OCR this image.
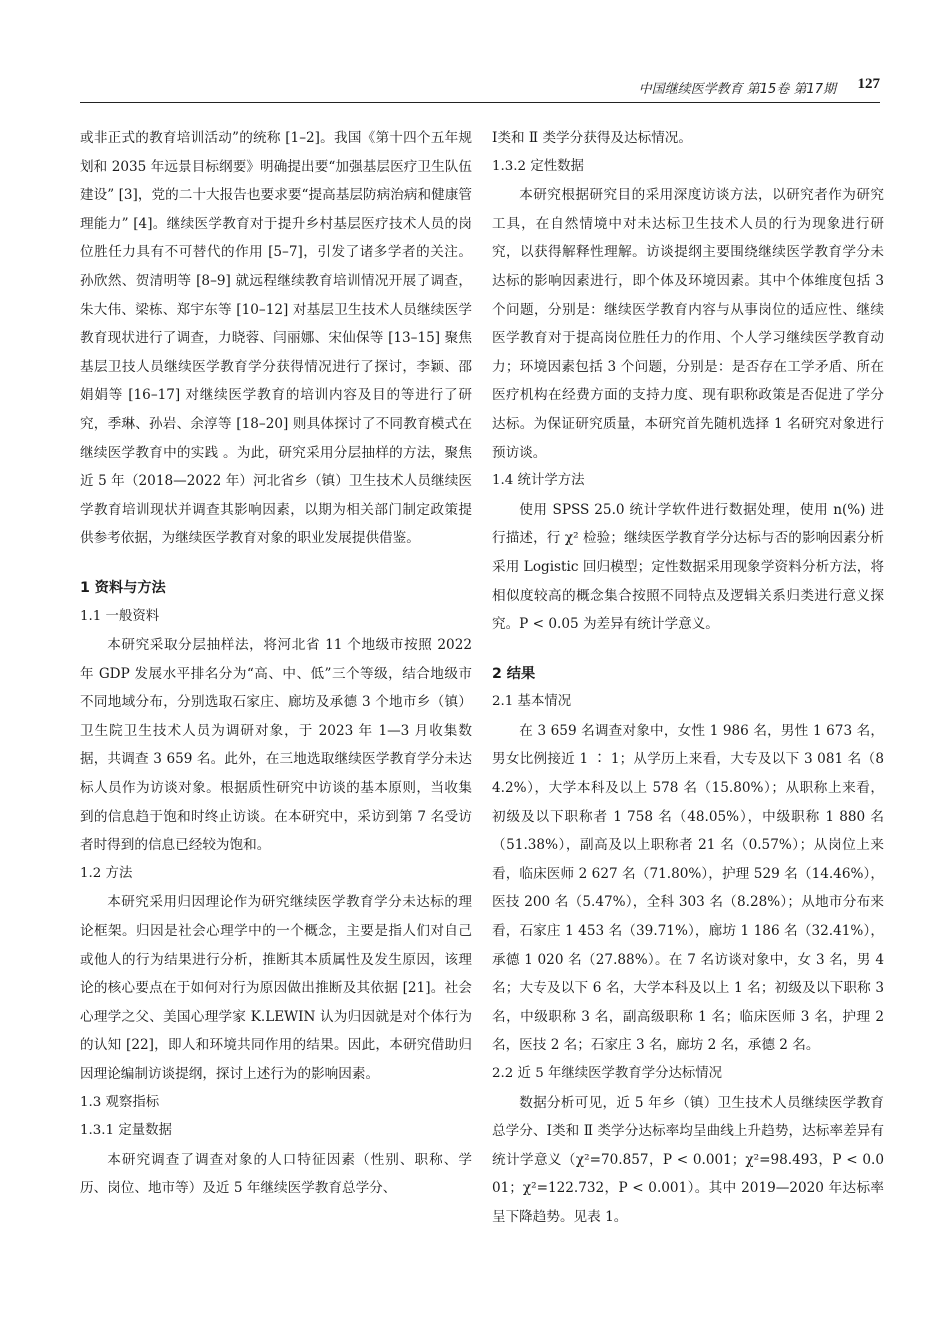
中国继续医学教育 第15卷 第17期 127

或非正式的教育培训活动”的统称 [1–2]。我国《第十四个五年规划和 2035 年远景目标纲要》明确提出要“加强基层医疗卫生队伍建设” [3]，党的二十大报告也要求要“提高基层防病治病和健康管理能力” [4]。继续医学教育对于提升乡村基层医疗技术人员的岗位胜任力具有不可替代的作用 [5–7]，引发了诸多学者的关注。孙欣然、贺清明等 [8–9] 就远程继续教育培训情况开展了调查，朱大伟、梁栋、郑宇东等 [10–12] 对基层卫生技术人员继续医学教育现状进行了调查，力晓蓉、闫丽娜、宋仙保等 [13–15] 聚焦基层卫技人员继续医学教育学分获得情况进行了探讨，李颖、邵娟娟等 [16–17] 对继续医学教育的培训内容及目的等进行了研究，季琳、孙岩、余淳等 [18–20] 则具体探讨了不同教育模式在继续医学教育中的实践 。为此，研究采用分层抽样的方法，聚焦近 5 年（2018—2022 年）河北省乡（镇）卫生技术人员继续医学教育培训现状并调查其影响因素，以期为相关部门制定政策提供参考依据，为继续医学教育对象的职业发展提供借鉴。

1 资料与方法
1.1 一般资料

本研究采取分层抽样法，将河北省 11 个地级市按照 2022 年 GDP 发展水平排名分为“高、中、低”三个等级，结合地级市不同地域分布，分别选取石家庄、廊坊及承德 3 个地市乡（镇）卫生院卫生技术人员为调研对象，于 2023 年 1—3 月收集数据，共调查 3 659 名。此外，在三地选取继续医学教育学分未达标人员作为访谈对象。根据质性研究中访谈的基本原则，当收集到的信息趋于饱和时终止访谈。在本研究中，采访到第 7 名受访者时得到的信息已经较为饱和。

1.2 方法

本研究采用归因理论作为研究继续医学教育学分未达标的理论框架。归因是社会心理学中的一个概念，主要是指人们对自己或他人的行为结果进行分析，推断其本质属性及发生原因，该理论的核心要点在于如何对行为原因做出推断及其依据 [21]。社会心理学之父、美国心理学家 K.LEWIN 认为归因就是对个体行为的认知 [22]，即人和环境共同作用的结果。因此，本研究借助归因理论编制访谈提纲，探讨上述行为的影响因素。

1.3 观察指标
1.3.1 定量数据

本研究调查了调查对象的人口特征因素（性别、职称、学历、岗位、地市等）及近 5 年继续医学教育总学分、

Ⅰ类和 Ⅱ 类学分获得及达标情况。

1.3.2 定性数据

本研究根据研究目的采用深度访谈方法，以研究者作为研究工具，在自然情境中对未达标卫生技术人员的行为现象进行研究，以获得解释性理解。访谈提纲主要围绕继续医学教育学分未达标的影响因素进行，即个体及环境因素。其中个体维度包括 3 个问题，分别是：继续医学教育内容与从事岗位的适应性、继续医学教育对于提高岗位胜任力的作用、个人学习继续医学教育动力；环境因素包括 3 个问题，分别是：是否存在工学矛盾、所在医疗机构在经费方面的支持力度、现有职称政策是否促进了学分达标。为保证研究质量，本研究首先随机选择 1 名研究对象进行预访谈。

1.4 统计学方法

使用 SPSS 25.0 统计学软件进行数据处理，使用 n(%) 进行描述，行 χ² 检验；继续医学教育学分达标与否的影响因素分析采用 Logistic 回归模型；定性数据采用现象学资料分析方法，将相似度较高的概念集合按照不同特点及逻辑关系归类进行意义探究。P < 0.05 为差异有统计学意义。

2 结果
2.1 基本情况

在 3 659 名调查对象中，女性 1 986 名，男性 1 673 名，男女比例接近 1 ∶ 1；从学历上来看，大专及以下 3 081 名（84.2%），大学本科及以上 578 名（15.80%）；从职称上来看，初级及以下职称者 1 758 名（48.05%），中级职称 1 880 名（51.38%），副高及以上职称者 21 名（0.57%）；从岗位上来看，临床医师 2 627 名（71.80%），护理 529 名（14.46%），医技 200 名（5.47%），全科 303 名（8.28%）；从地市分布来看，石家庄 1 453 名（39.71%），廊坊 1 186 名（32.41%），承德 1 020 名（27.88%）。在 7 名访谈对象中，女 3 名，男 4 名；大专及以下 6 名，大学本科及以上 1 名；初级及以下职称 3 名，中级职称 3 名，副高级职称 1 名；临床医师 3 名，护理 2 名，医技 2 名；石家庄 3 名，廊坊 2 名，承德 2 名。

2.2 近 5 年继续医学教育学分达标情况

数据分析可见，近 5 年乡（镇）卫生技术人员继续医学教育总学分、Ⅰ类和 Ⅱ 类学分达标率均呈曲线上升趋势，达标率差异有统计学意义（χ²=70.857，P < 0.001；χ²=98.493，P < 0.001；χ²=122.732，P < 0.001）。其中 2019—2020 年达标率呈下降趋势。见表 1。
